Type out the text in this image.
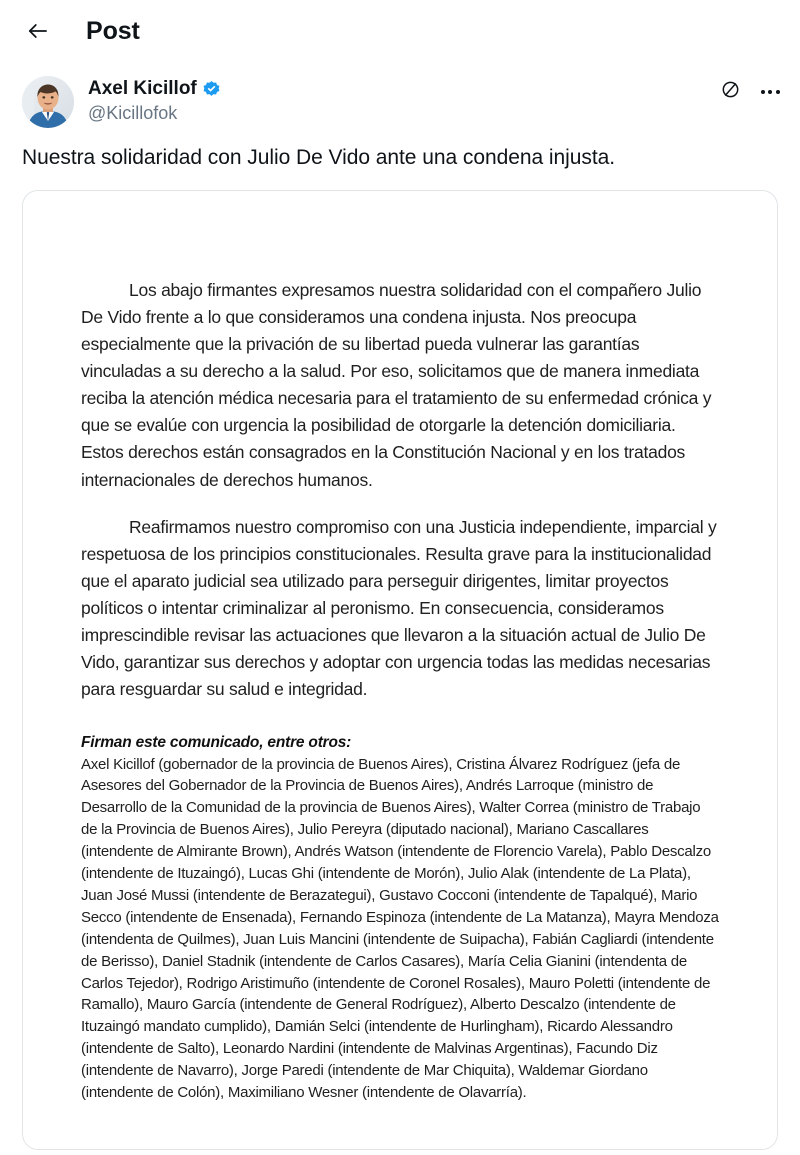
Post
Axel Kicillof
@Kicillofok
Nuestra solidaridad con Julio De Vido ante una condena injusta.

Los abajo firmantes expresamos nuestra solidaridad con el compañero Julio De Vido frente a lo que consideramos una condena injusta. Nos preocupa especialmente que la privación de su libertad pueda vulnerar las garantías vinculadas a su derecho a la salud. Por eso, solicitamos que de manera inmediata reciba la atención médica necesaria para el tratamiento de su enfermedad crónica y que se evalúe con urgencia la posibilidad de otorgarle la detención domiciliaria. Estos derechos están consagrados en la Constitución Nacional y en los tratados internacionales de derechos humanos.

Reafirmamos nuestro compromiso con una Justicia independiente, imparcial y respetuosa de los principios constitucionales. Resulta grave para la institucionalidad que el aparato judicial sea utilizado para perseguir dirigentes, limitar proyectos políticos o intentar criminalizar al peronismo. En consecuencia, consideramos imprescindible revisar las actuaciones que llevaron a la situación actual de Julio De Vido, garantizar sus derechos y adoptar con urgencia todas las medidas necesarias para resguardar su salud e integridad.

Firman este comunicado, entre otros:
Axel Kicillof (gobernador de la provincia de Buenos Aires), Cristina Álvarez Rodríguez (jefa de Asesores del Gobernador de la Provincia de Buenos Aires), Andrés Larroque (ministro de Desarrollo de la Comunidad de la provincia de Buenos Aires), Walter Correa (ministro de Trabajo de la Provincia de Buenos Aires), Julio Pereyra (diputado nacional), Mariano Cascallares (intendente de Almirante Brown), Andrés Watson (intendente de Florencio Varela), Pablo Descalzo (intendente de Ituzaingó), Lucas Ghi (intendente de Morón), Julio Alak (intendente de La Plata), Juan José Mussi (intendente de Berazategui), Gustavo Cocconi (intendente de Tapalqué), Mario Secco (intendente de Ensenada), Fernando Espinoza (intendente de La Matanza), Mayra Mendoza (intendenta de Quilmes), Juan Luis Mancini (intendente de Suipacha), Fabián Cagliardi (intendente de Berisso), Daniel Stadnik (intendente de Carlos Casares), María Celia Gianini (intendenta de Carlos Tejedor), Rodrigo Aristimuño (intendente de Coronel Rosales), Mauro Poletti (intendente de Ramallo), Mauro García (intendente de General Rodríguez), Alberto Descalzo (intendente de Ituzaingó mandato cumplido), Damián Selci (intendente de Hurlingham), Ricardo Alessandro (intendente de Salto), Leonardo Nardini (intendente de Malvinas Argentinas), Facundo Diz (intendente de Navarro), Jorge Paredi (intendente de Mar Chiquita), Waldemar Giordano (intendente de Colón), Maximiliano Wesner (intendente de Olavarría).
